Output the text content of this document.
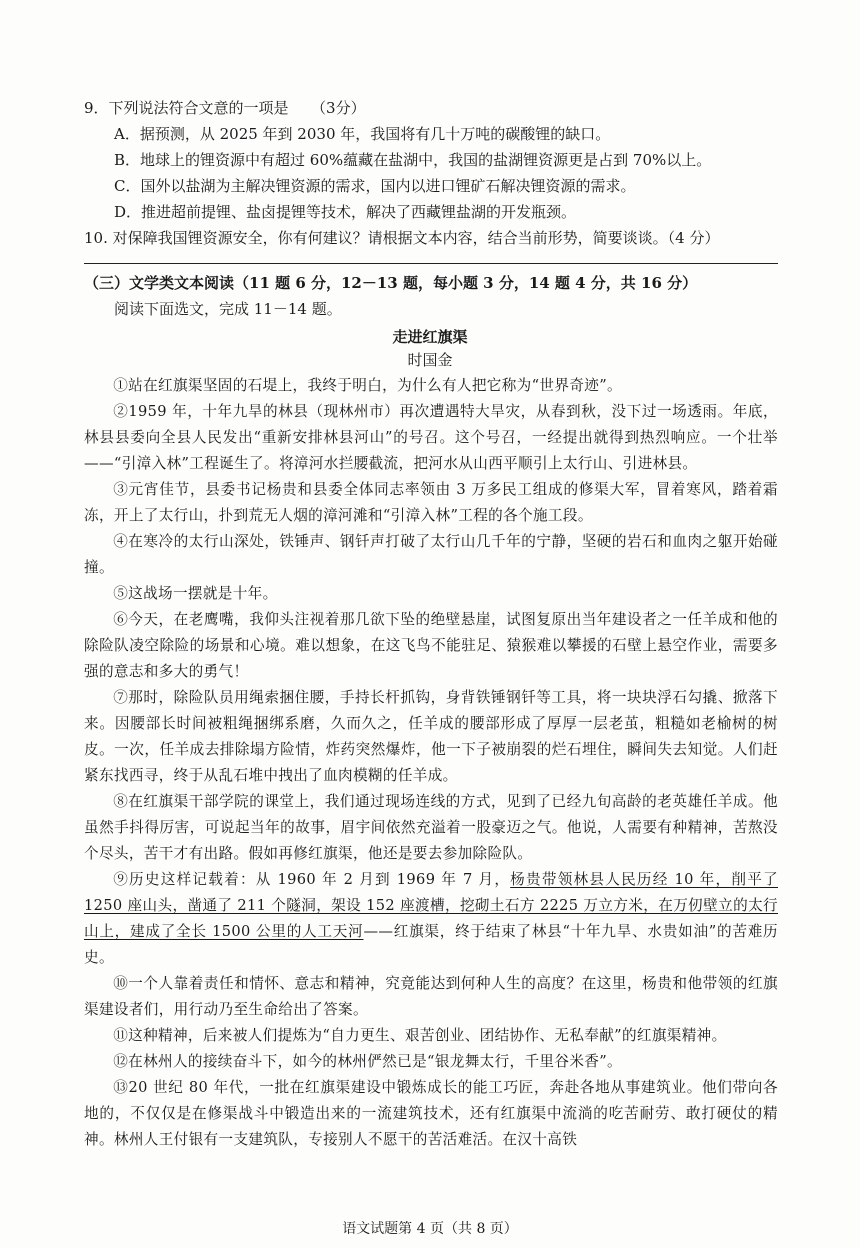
9．下列说法符合文意的一项是　　（3分）
A．据预测，从 2025 年到 2030 年，我国将有几十万吨的碳酸锂的缺口。
B．地球上的锂资源中有超过 60%蕴藏在盐湖中，我国的盐湖锂资源更是占到 70%以上。
C．国外以盐湖为主解决锂资源的需求，国内以进口锂矿石解决锂资源的需求。
D．推进超前提锂、盐卤提锂等技术，解决了西藏锂盐湖的开发瓶颈。
10. 对保障我国锂资源安全，你有何建议？请根据文本内容，结合当前形势，简要谈谈。（4 分）
（三）文学类文本阅读（11 题 6 分，12－13 题，每小题 3 分，14 题 4 分，共 16 分）
阅读下面选文，完成 11－14 题。
走进红旗渠
时国金

①站在红旗渠坚固的石堤上，我终于明白，为什么有人把它称为“世界奇迹”。

②1959 年，十年九旱的林县（现林州市）再次遭遇特大旱灾，从春到秋，没下过一场透雨。年底，林县县委向全县人民发出“重新安排林县河山”的号召。这个号召，一经提出就得到热烈响应。一个壮举——“引漳入林”工程诞生了。将漳河水拦腰截流，把河水从山西平顺引上太行山、引进林县。

③元宵佳节，县委书记杨贵和县委全体同志率领由 3 万多民工组成的修渠大军，冒着寒风，踏着霜冻，开上了太行山，扑到荒无人烟的漳河滩和“引漳入林”工程的各个施工段。

④在寒冷的太行山深处，铁锤声、钢钎声打破了太行山几千年的宁静，坚硬的岩石和血肉之躯开始碰撞。

⑤这战场一摆就是十年。

⑥今天，在老鹰嘴，我仰头注视着那几欲下坠的绝壁悬崖，试图复原出当年建设者之一任羊成和他的除险队凌空除险的场景和心境。难以想象，在这飞鸟不能驻足、猿猴难以攀援的石壁上悬空作业，需要多强的意志和多大的勇气！

⑦那时，除险队员用绳索捆住腰，手持长杆抓钩，身背铁锤钢钎等工具，将一块块浮石勾撬、掀落下来。因腰部长时间被粗绳捆绑系磨，久而久之，任羊成的腰部形成了厚厚一层老茧，粗糙如老榆树的树皮。一次，任羊成去排除塌方险情，炸药突然爆炸，他一下子被崩裂的烂石埋住，瞬间失去知觉。人们赶紧东找西寻，终于从乱石堆中拽出了血肉模糊的任羊成。

⑧在红旗渠干部学院的课堂上，我们通过现场连线的方式，见到了已经九旬高龄的老英雄任羊成。他虽然手抖得厉害，可说起当年的故事，眉宇间依然充溢着一股豪迈之气。他说，人需要有种精神，苦熬没个尽头，苦干才有出路。假如再修红旗渠，他还是要去参加除险队。

⑨历史这样记载着：从 1960 年 2 月到 1969 年 7 月，杨贵带领林县人民历经 10 年，削平了 1250 座山头，凿通了 211 个隧洞，架设 152 座渡槽，挖砌土石方 2225 万立方米，在万仞壁立的太行山上，建成了全长 1500 公里的人工天河——红旗渠，终于结束了林县“十年九旱、水贵如油”的苦难历史。

⑩一个人靠着责任和情怀、意志和精神，究竟能达到何种人生的高度？在这里，杨贵和他带领的红旗渠建设者们，用行动乃至生命给出了答案。

⑪这种精神，后来被人们提炼为“自力更生、艰苦创业、团结协作、无私奉献”的红旗渠精神。

⑫在林州人的接续奋斗下，如今的林州俨然已是“银龙舞太行，千里谷米香”。

⑬20 世纪 80 年代，一批在红旗渠建设中锻炼成长的能工巧匠，奔赴各地从事建筑业。他们带向各地的，不仅仅是在修渠战斗中锻造出来的一流建筑技术，还有红旗渠中流淌的吃苦耐劳、敢打硬仗的精神。林州人王付银有一支建筑队，专接别人不愿干的苦活难活。在汉十高铁

语文试题第 4 页（共 8 页）
